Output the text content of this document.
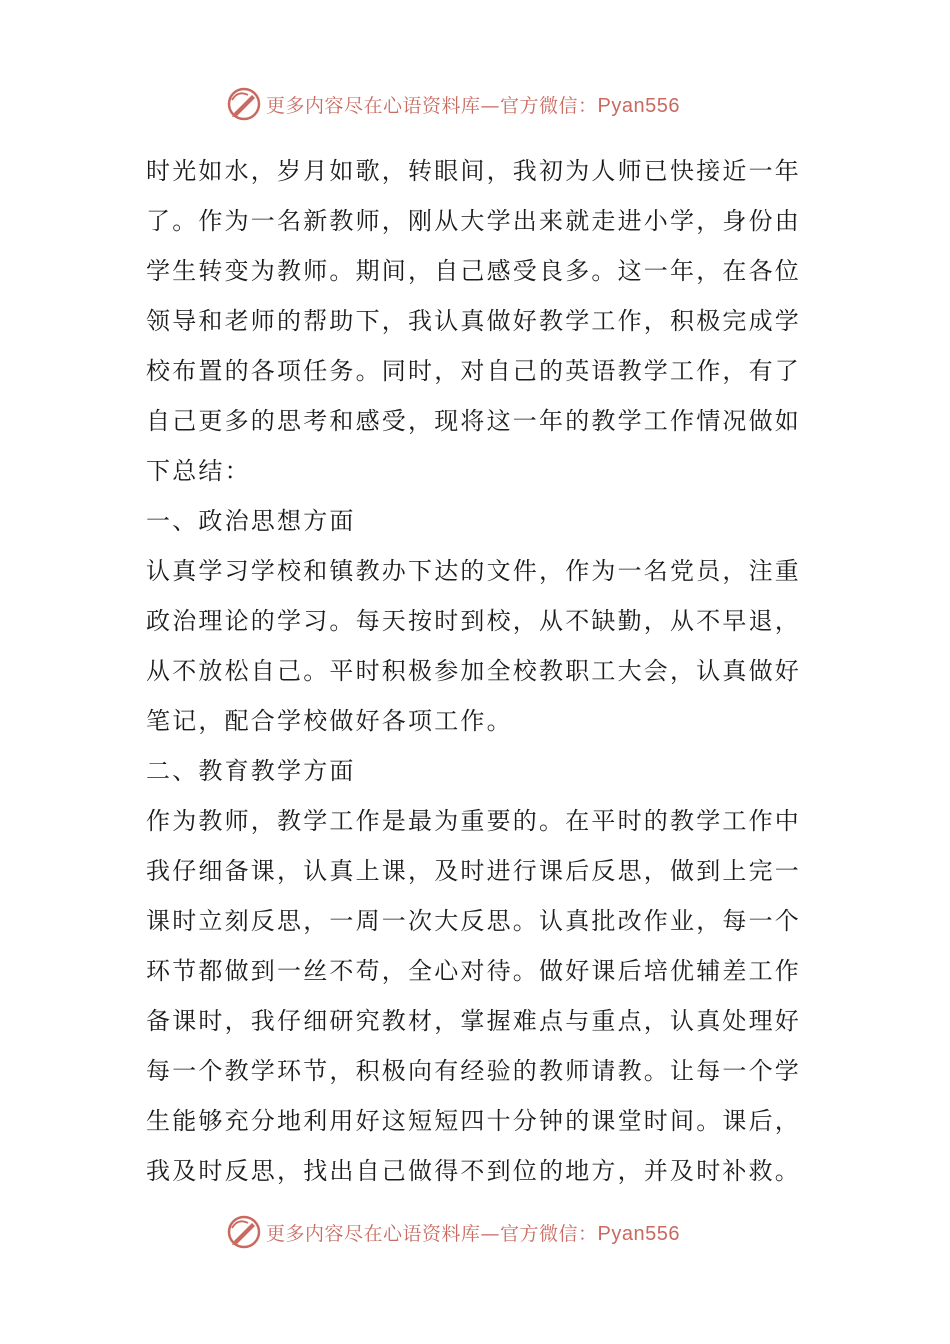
更多内容尽在心语资料库—官方微信：Pyan556
时光如水，岁月如歌，转眼间，我初为人师已快接近一年
了。作为一名新教师，刚从大学出来就走进小学，身份由
学生转变为教师。期间，自己感受良多。这一年，在各位
领导和老师的帮助下，我认真做好教学工作，积极完成学
校布置的各项任务。同时，对自己的英语教学工作，有了
自己更多的思考和感受，现将这一年的教学工作情况做如
下总结：
一、政治思想方面
认真学习学校和镇教办下达的文件，作为一名党员，注重
政治理论的学习。每天按时到校，从不缺勤，从不早退，
从不放松自己。平时积极参加全校教职工大会，认真做好
笔记，配合学校做好各项工作。
二、教育教学方面
作为教师，教学工作是最为重要的。在平时的教学工作中
我仔细备课，认真上课，及时进行课后反思，做到上完一
课时立刻反思，一周一次大反思。认真批改作业，每一个
环节都做到一丝不苟，全心对待。做好课后培优辅差工作
备课时，我仔细研究教材，掌握难点与重点，认真处理好
每一个教学环节，积极向有经验的教师请教。让每一个学
生能够充分地利用好这短短四十分钟的课堂时间。课后，
我及时反思，找出自己做得不到位的地方，并及时补救。
更多内容尽在心语资料库—官方微信：Pyan556
